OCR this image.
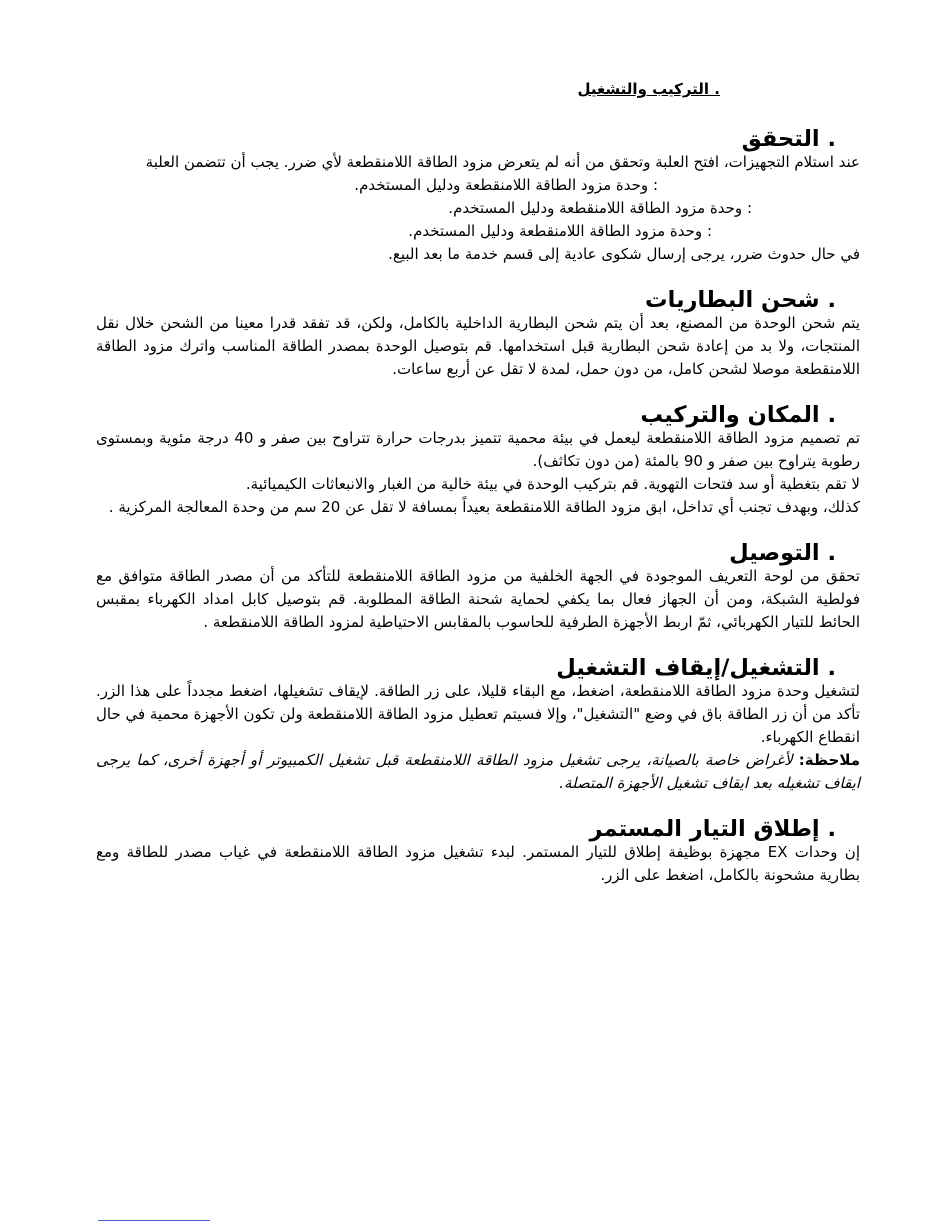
. التركيب والتشغيل
. التحقق

عند استلام التجهيزات، افتح العلبة وتحقق من أنه لم يتعرض مزود الطاقة اللامنقطعة لأي ضرر. يجب أن تتضمن العلبة

: وحدة مزود الطاقة اللامنقطعة ودليل المستخدم.

: وحدة مزود الطاقة اللامنقطعة ودليل المستخدم.

: وحدة مزود الطاقة اللامنقطعة ودليل المستخدم.

في حال حدوث ضرر، يرجى إرسال شكوى عادية إلى قسم خدمة ما بعد البيع.

. شحن البطاريات

يتم شحن الوحدة من المصنع، بعد أن يتم شحن البطارية الداخلية بالكامل، ولكن، قد تفقد قدرا معينا من الشحن خلال نقل المنتجات، ولا بد من إعادة شحن البطارية قبل استخدامها. قم بتوصيل الوحدة بمصدر الطاقة المناسب واترك مزود الطاقة اللامنقطعة موصلا لشحن كامل، من دون حمل، لمدة لا تقل عن أربع ساعات.

. المكان والتركيب

تم تصميم مزود الطاقة اللامنقطعة ليعمل في بيئة محمية تتميز بدرجات حرارة تتراوح بين صفر و 40 درجة مئوية وبمستوى رطوبة يتراوح بين صفر و 90 بالمئة (من دون تكاثف).

لا تقم بتغطية أو سد فتحات التهوية. قم بتركيب الوحدة في بيئة خالية من الغبار والانبعاثات الكيميائية.

كذلك، وبهدف تجنب أي تداخل، ابق مزود الطاقة اللامنقطعة بعيداً بمسافة لا تقل عن 20 سم من وحدة المعالجة المركزية .

. التوصيل

تحقق من لوحة التعريف الموجودة في الجهة الخلفية من مزود الطاقة اللامنقطعة للتأكد من أن مصدر الطاقة متوافق مع فولطية الشبكة، ومن أن الجهاز فعال بما يكفي لحماية شحنة الطاقة المطلوبة. قم بتوصيل كابل امداد الكهرباء بمقبس الحائط للتيار الكهربائي، ثمّ اربط الأجهزة الطرفية للحاسوب بالمقابس الاحتياطية لمزود الطاقة اللامنقطعة .

. التشغيل/إيقاف التشغيل

لتشغيل وحدة مزود الطاقة اللامنقطعة، اضغط، مع البقاء قليلا، على زر الطاقة. لإيقاف تشغيلها، اضغط مجدداً على هذا الزر. تأكد من أن زر الطاقة باق في وضع "التشغيل"، وإلا فسيتم تعطيل مزود الطاقة اللامنقطعة ولن تكون الأجهزة محمية في حال انقطاع الكهرباء.

ملاحظة: لأغراض خاصة بالصيانة، يرجى تشغيل مزود الطاقة اللامنقطعة قبل تشغيل الكمبيوتر أو أجهزة أخرى، كما يرجى ايقاف تشغيله بعد ايقاف تشغيل الأجهزة المتصلة.

. إطلاق التيار المستمر

إن وحدات EX مجهزة بوظيفة إطلاق للتيار المستمر. لبدء تشغيل مزود الطاقة اللامنقطعة في غياب مصدر للطاقة ومع بطارية مشحونة بالكامل، اضغط على الزر.
